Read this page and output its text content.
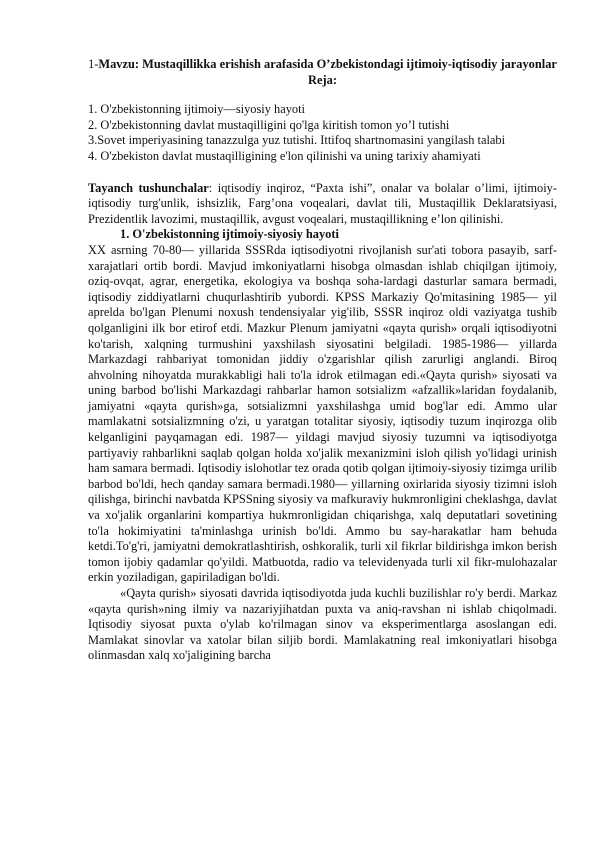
1-Mavzu: Mustaqillikka erishish arafasida O’zbekistondagi ijtimoiy-iqtisodiy jarayonlar

Reja:

1. O'zbekistonning ijtimoiy—siyosiy hayoti

2. O'zbekistonning davlat mustaqilligini qo'lga kiritish tomon yo’l tutishi

3.Sovet imperiyasining tanazzulga yuz tutishi. Ittifoq shartnomasini yangilash talabi

4. O'zbekiston davlat mustaqilligining e'lon qilinishi va uning tarixiy ahamiyati

Tayanch tushunchalar: iqtisodiy inqiroz, “Paxta ishi”, onalar va bolalar o’limi, ijtimoiy-iqtisodiy turg'unlik, ishsizlik, Farg’ona voqealari, davlat tili, Mustaqillik Deklaratsiyasi, Prezidentlik lavozimi, mustaqillik, avgust voqealari, mustaqillikning e’lon qilinishi.

1. O'zbekistonning ijtimoiy-siyosiy hayoti

XX asrning 70-80— yillarida SSSRda iqtisodiyotni rivojlanish sur'ati tobora pasayib, sarf-xarajatlari ortib bordi. Mavjud imkoniyatlarni hisobga olmasdan ishlab chiqilgan ijtimoiy, oziq-ovqat, agrar, energetika, ekologiya va boshqa soha-lardagi dasturlar samara bermadi, iqtisodiy ziddiyatlarni chuqurlashtirib yubordi. KPSS Markaziy Qo'mitasining 1985— yil aprelda bo'lgan Plenumi noxush tendensiyalar yig'ilib, SSSR inqiroz oldi vaziyatga tushib qolganligini ilk bor etirof etdi. Mazkur Plenum jamiyatni «qayta qurish» orqali iqtisodiyotni ko'tarish, xalqning turmushini yaxshilash siyosatini belgiladi. 1985-1986— yillarda Markazdagi rahbariyat tomonidan jiddiy o'zgarishlar qilish zarurligi anglandi. Biroq ahvolning nihoyatda murakkabligi hali to'la idrok etilmagan edi.«Qayta qurish» siyosati va uning barbod bo'lishi Markazdagi rahbarlar hamon sotsializm «afzallik»laridan foydalanib, jamiyatni «qayta qurish»ga, sotsializmni yaxshilashga umid bog'lar edi. Ammo ular mamlakatni sotsializmning o'zi, u yaratgan totalitar siyosiy, iqtisodiy tuzum inqirozga olib kelganligini payqamagan edi. 1987— yildagi mavjud siyosiy tuzumni va iqtisodiyotga partiyaviy rahbarlikni saqlab qolgan holda xo'jalik mexanizmini isloh qilish yo'lidagi urinish ham samara bermadi. Iqtisodiy islohotlar tez orada qotib qolgan ijtimoiy-siyosiy tizimga urilib barbod bo'ldi, hech qanday samara bermadi.1980— yillarning oxirlarida siyosiy tizimni isloh qilishga, birinchi navbatda KPSSning siyosiy va mafkuraviy hukmronligini cheklashga, davlat va xo'jalik organlarini kompartiya hukmronligidan chiqarishga, xalq deputatlari sovetining to'la hokimiyatini ta'minlashga urinish bo'ldi. Ammo bu say-harakatlar ham behuda ketdi.To'g'ri, jamiyatni demokratlashtirish, oshkoralik, turli xil fikrlar bildirishga imkon berish tomon ijobiy qadamlar qo'yildi. Matbuotda, radio va televidenyada turli xil fikr-mulohazalar erkin yoziladigan, gapiriladigan bo'ldi.

«Qayta qurish» siyosati davrida iqtisodiyotda juda kuchli buzilishlar ro'y berdi. Markaz «qayta qurish»ning ilmiy va nazariyjihatdan puxta va aniq-ravshan ni ishlab chiqolmadi. Iqtisodiy siyosat puxta o'ylab ko'rilmagan sinov va eksperimentlarga asoslangan edi. Mamlakat sinovlar va xatolar bilan siljib bordi. Mamlakatning real imkoniyatlari hisobga olinmasdan xalq xo'jaligining barcha
